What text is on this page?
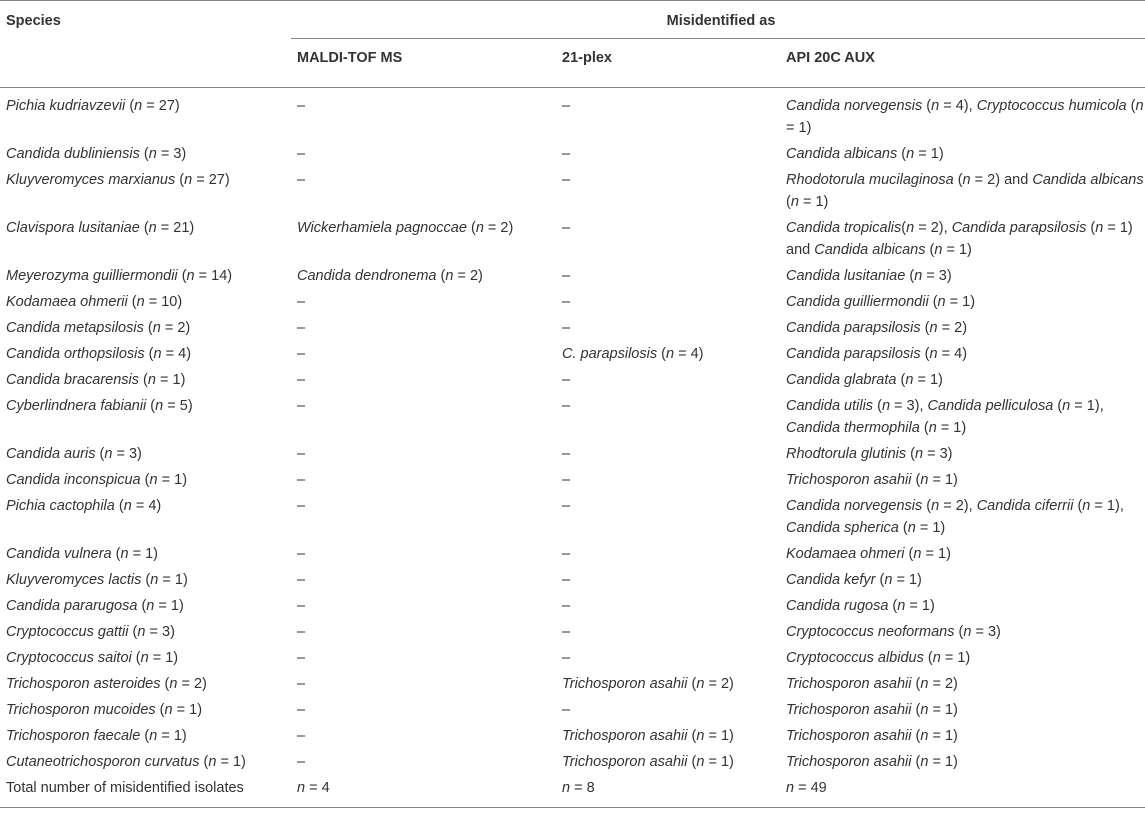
Species	Misidentified as		
	MALDI-TOF MS	21-plex	API 20C AUX
Pichia kudriavzevii (n = 27)	–	–	Candida norvegensis (n = 4), Cryptococcus humicola (n = 1)
Candida dubliniensis (n = 3)	–	–	Candida albicans (n = 1)
Kluyveromyces marxianus (n = 27)	–	–	Rhodotorula mucilaginosa (n = 2) and Candida albicans (n = 1)
Clavispora lusitaniae (n = 21)	Wickerhamiela pagnoccae (n = 2)	–	Candida tropicalis(n = 2), Candida parapsilosis (n = 1) and Candida albicans (n = 1)
Meyerozyma guilliermondii (n = 14)	Candida dendronema (n = 2)	–	Candida lusitaniae (n = 3)
Kodamaea ohmerii (n = 10)	–	–	Candida guilliermondii (n = 1)
Candida metapsilosis (n = 2)	–	–	Candida parapsilosis (n = 2)
Candida orthopsilosis (n = 4)	–	C. parapsilosis (n = 4)	Candida parapsilosis (n = 4)
Candida bracarensis (n = 1)	–	–	Candida glabrata (n = 1)
Cyberlindnera fabianii (n = 5)	–	–	Candida utilis (n = 3), Candida pelliculosa (n = 1), Candida thermophila (n = 1)
Candida auris (n = 3)	–	–	Rhodtorula glutinis (n = 3)
Candida inconspicua (n = 1)	–	–	Trichosporon asahii (n = 1)
Pichia cactophila (n = 4)	–	–	Candida norvegensis (n = 2), Candida ciferrii (n = 1), Candida spherica (n = 1)
Candida vulnera (n = 1)	–	–	Kodamaea ohmeri (n = 1)
Kluyveromyces lactis (n = 1)	–	–	Candida kefyr (n = 1)
Candida pararugosa (n = 1)	–	–	Candida rugosa (n = 1)
Cryptococcus gattii (n = 3)	–	–	Cryptococcus neoformans (n = 3)
Cryptococcus saitoi (n = 1)	–	–	Cryptococcus albidus (n = 1)
Trichosporon asteroides (n = 2)	–	Trichosporon asahii (n = 2)	Trichosporon asahii (n = 2)
Trichosporon mucoides (n = 1)	–	–	Trichosporon asahii (n = 1)
Trichosporon faecale (n = 1)	–	Trichosporon asahii (n = 1)	Trichosporon asahii (n = 1)
Cutaneotrichosporon curvatus (n = 1)	–	Trichosporon asahii (n = 1)	Trichosporon asahii (n = 1)
Total number of misidentified isolates	n = 4	n = 8	n = 49
